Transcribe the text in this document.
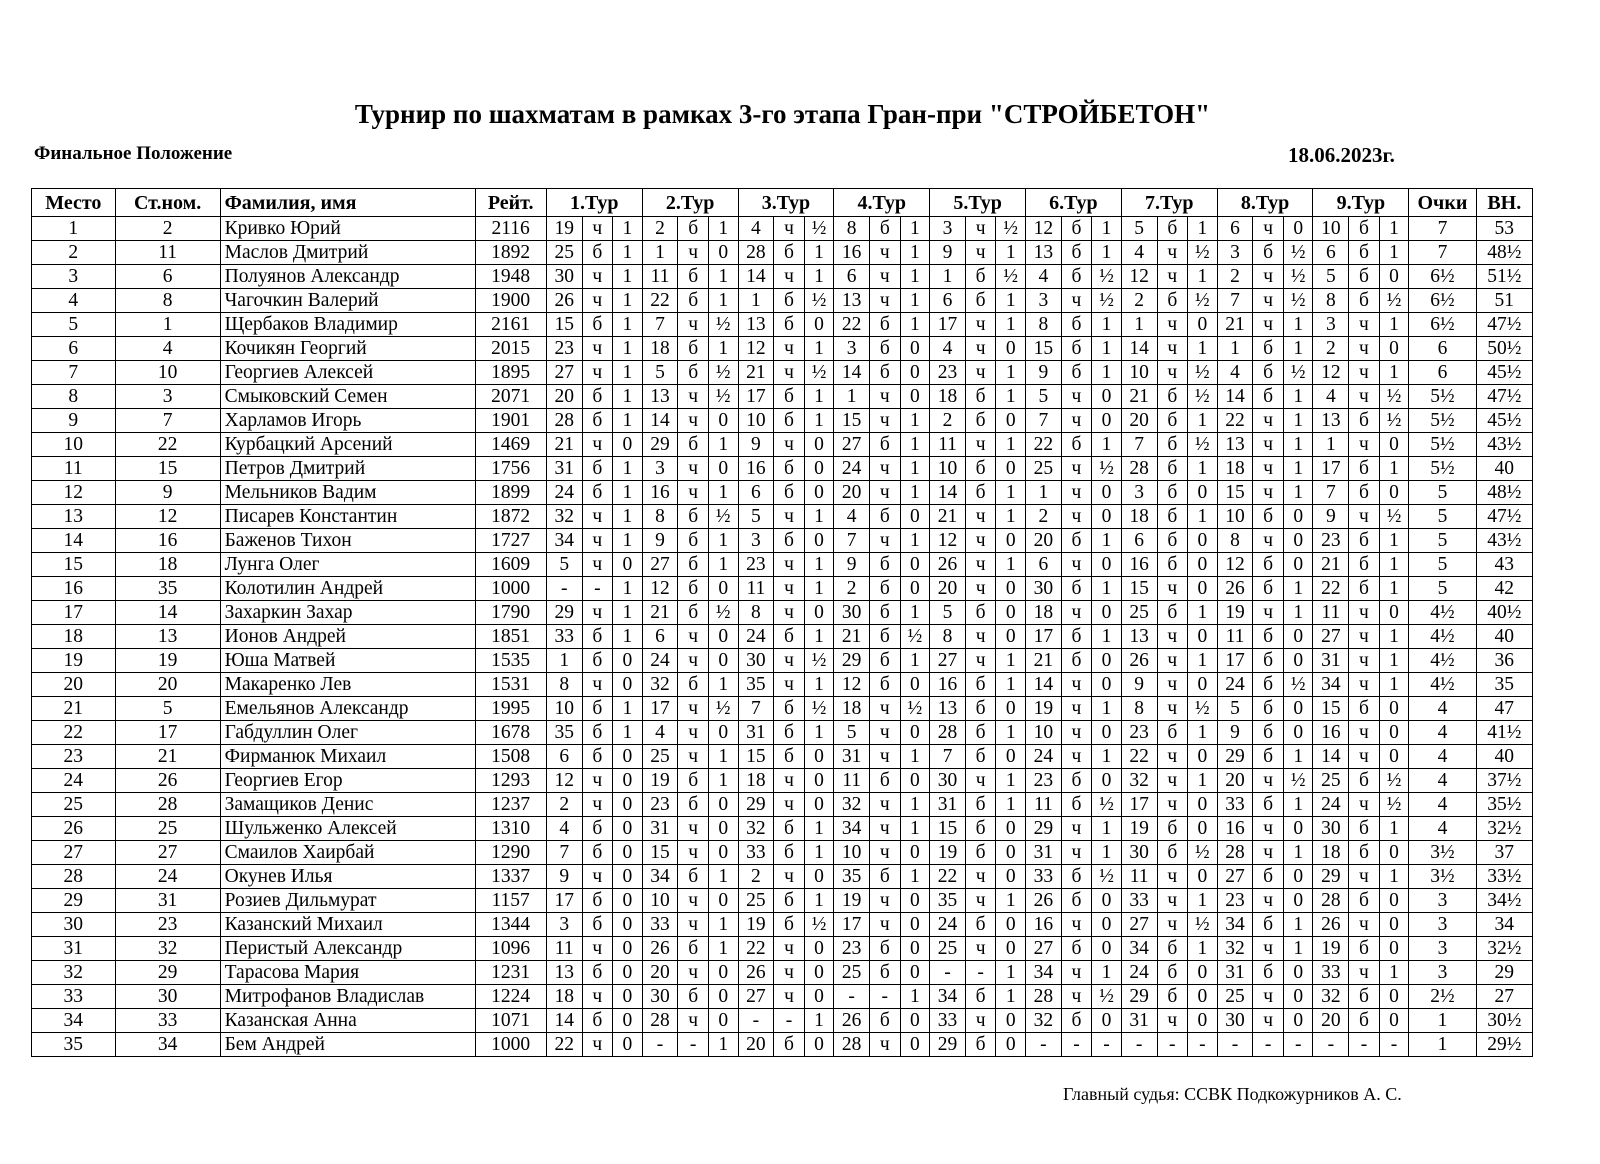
Турнир по шахматам в рамках 3-го этапа Гран-при "СТРОЙБЕТОН"
Финальное Положение	18.06.2023г.
Место	Ст.ном.	Фамилия, имя	Рейт.	1.Тур			2.Тур			3.Тур			4.Тур			5.Тур			6.Тур			7.Тур			8.Тур			9.Тур			Очки	ВН.
1	2	Кривко Юрий	2116	19	ч	1	2	б	1	4	ч	½	8	б	1	3	ч	½	12	б	1	5	б	1	6	ч	0	10	б	1	7	53
2	11	Маслов Дмитрий	1892	25	б	1	1	ч	0	28	б	1	16	ч	1	9	ч	1	13	б	1	4	ч	½	3	б	½	6	б	1	7	48½
3	6	Полуянов Александр	1948	30	ч	1	11	б	1	14	ч	1	6	ч	1	1	б	½	4	б	½	12	ч	1	2	ч	½	5	б	0	6½	51½
4	8	Чагочкин Валерий	1900	26	ч	1	22	б	1	1	б	½	13	ч	1	6	б	1	3	ч	½	2	б	½	7	ч	½	8	б	½	6½	51
5	1	Щербаков Владимир	2161	15	б	1	7	ч	½	13	б	0	22	б	1	17	ч	1	8	б	1	1	ч	0	21	ч	1	3	ч	1	6½	47½
6	4	Кочикян Георгий	2015	23	ч	1	18	б	1	12	ч	1	3	б	0	4	ч	0	15	б	1	14	ч	1	1	б	1	2	ч	0	6	50½
7	10	Георгиев Алексей	1895	27	ч	1	5	б	½	21	ч	½	14	б	0	23	ч	1	9	б	1	10	ч	½	4	б	½	12	ч	1	6	45½
8	3	Смыковский Семен	2071	20	б	1	13	ч	½	17	б	1	1	ч	0	18	б	1	5	ч	0	21	б	½	14	б	1	4	ч	½	5½	47½
9	7	Харламов Игорь	1901	28	б	1	14	ч	0	10	б	1	15	ч	1	2	б	0	7	ч	0	20	б	1	22	ч	1	13	б	½	5½	45½
10	22	Курбацкий Арсений	1469	21	ч	0	29	б	1	9	ч	0	27	б	1	11	ч	1	22	б	1	7	б	½	13	ч	1	1	ч	0	5½	43½
11	15	Петров Дмитрий	1756	31	б	1	3	ч	0	16	б	0	24	ч	1	10	б	0	25	ч	½	28	б	1	18	ч	1	17	б	1	5½	40
12	9	Мельников Вадим	1899	24	б	1	16	ч	1	6	б	0	20	ч	1	14	б	1	1	ч	0	3	б	0	15	ч	1	7	б	0	5	48½
13	12	Писарев Константин	1872	32	ч	1	8	б	½	5	ч	1	4	б	0	21	ч	1	2	ч	0	18	б	1	10	б	0	9	ч	½	5	47½
14	16	Баженов Тихон	1727	34	ч	1	9	б	1	3	б	0	7	ч	1	12	ч	0	20	б	1	6	б	0	8	ч	0	23	б	1	5	43½
15	18	Лунга Олег	1609	5	ч	0	27	б	1	23	ч	1	9	б	0	26	ч	1	6	ч	0	16	б	0	12	б	0	21	б	1	5	43
16	35	Колотилин Андрей	1000	-	-	1	12	б	0	11	ч	1	2	б	0	20	ч	0	30	б	1	15	ч	0	26	б	1	22	б	1	5	42
17	14	Захаркин Захар	1790	29	ч	1	21	б	½	8	ч	0	30	б	1	5	б	0	18	ч	0	25	б	1	19	ч	1	11	ч	0	4½	40½
18	13	Ионов Андрей	1851	33	б	1	6	ч	0	24	б	1	21	б	½	8	ч	0	17	б	1	13	ч	0	11	б	0	27	ч	1	4½	40
19	19	Юша Матвей	1535	1	б	0	24	ч	0	30	ч	½	29	б	1	27	ч	1	21	б	0	26	ч	1	17	б	0	31	ч	1	4½	36
20	20	Макаренко Лев	1531	8	ч	0	32	б	1	35	ч	1	12	б	0	16	б	1	14	ч	0	9	ч	0	24	б	½	34	ч	1	4½	35
21	5	Емельянов Александр	1995	10	б	1	17	ч	½	7	б	½	18	ч	½	13	б	0	19	ч	1	8	ч	½	5	б	0	15	б	0	4	47
22	17	Габдуллин Олег	1678	35	б	1	4	ч	0	31	б	1	5	ч	0	28	б	1	10	ч	0	23	б	1	9	б	0	16	ч	0	4	41½
23	21	Фирманюк Михаил	1508	6	б	0	25	ч	1	15	б	0	31	ч	1	7	б	0	24	ч	1	22	ч	0	29	б	1	14	ч	0	4	40
24	26	Георгиев Егор	1293	12	ч	0	19	б	1	18	ч	0	11	б	0	30	ч	1	23	б	0	32	ч	1	20	ч	½	25	б	½	4	37½
25	28	Замащиков Денис	1237	2	ч	0	23	б	0	29	ч	0	32	ч	1	31	б	1	11	б	½	17	ч	0	33	б	1	24	ч	½	4	35½
26	25	Шульженко Алексей	1310	4	б	0	31	ч	0	32	б	1	34	ч	1	15	б	0	29	ч	1	19	б	0	16	ч	0	30	б	1	4	32½
27	27	Смаилов Хаирбай	1290	7	б	0	15	ч	0	33	б	1	10	ч	0	19	б	0	31	ч	1	30	б	½	28	ч	1	18	б	0	3½	37
28	24	Окунев Илья	1337	9	ч	0	34	б	1	2	ч	0	35	б	1	22	ч	0	33	б	½	11	ч	0	27	б	0	29	ч	1	3½	33½
29	31	Розиев Дильмурат	1157	17	б	0	10	ч	0	25	б	1	19	ч	0	35	ч	1	26	б	0	33	ч	1	23	ч	0	28	б	0	3	34½
30	23	Казанский Михаил	1344	3	б	0	33	ч	1	19	б	½	17	ч	0	24	б	0	16	ч	0	27	ч	½	34	б	1	26	ч	0	3	34
31	32	Перистый Александр	1096	11	ч	0	26	б	1	22	ч	0	23	б	0	25	ч	0	27	б	0	34	б	1	32	ч	1	19	б	0	3	32½
32	29	Тарасова Мария	1231	13	б	0	20	ч	0	26	ч	0	25	б	0	-	-	1	34	ч	1	24	б	0	31	б	0	33	ч	1	3	29
33	30	Митрофанов Владислав	1224	18	ч	0	30	б	0	27	ч	0	-	-	1	34	б	1	28	ч	½	29	б	0	25	ч	0	32	б	0	2½	27
34	33	Казанская Анна	1071	14	б	0	28	ч	0	-	-	1	26	б	0	33	ч	0	32	б	0	31	ч	0	30	ч	0	20	б	0	1	30½
35	34	Бем Андрей	1000	22	ч	0	-	-	1	20	б	0	28	ч	0	29	б	0	-	-	-	-	-	-	-	-	-	-	-	-	1	29½
Главный судья: ССВК Подкожурников А. С.
